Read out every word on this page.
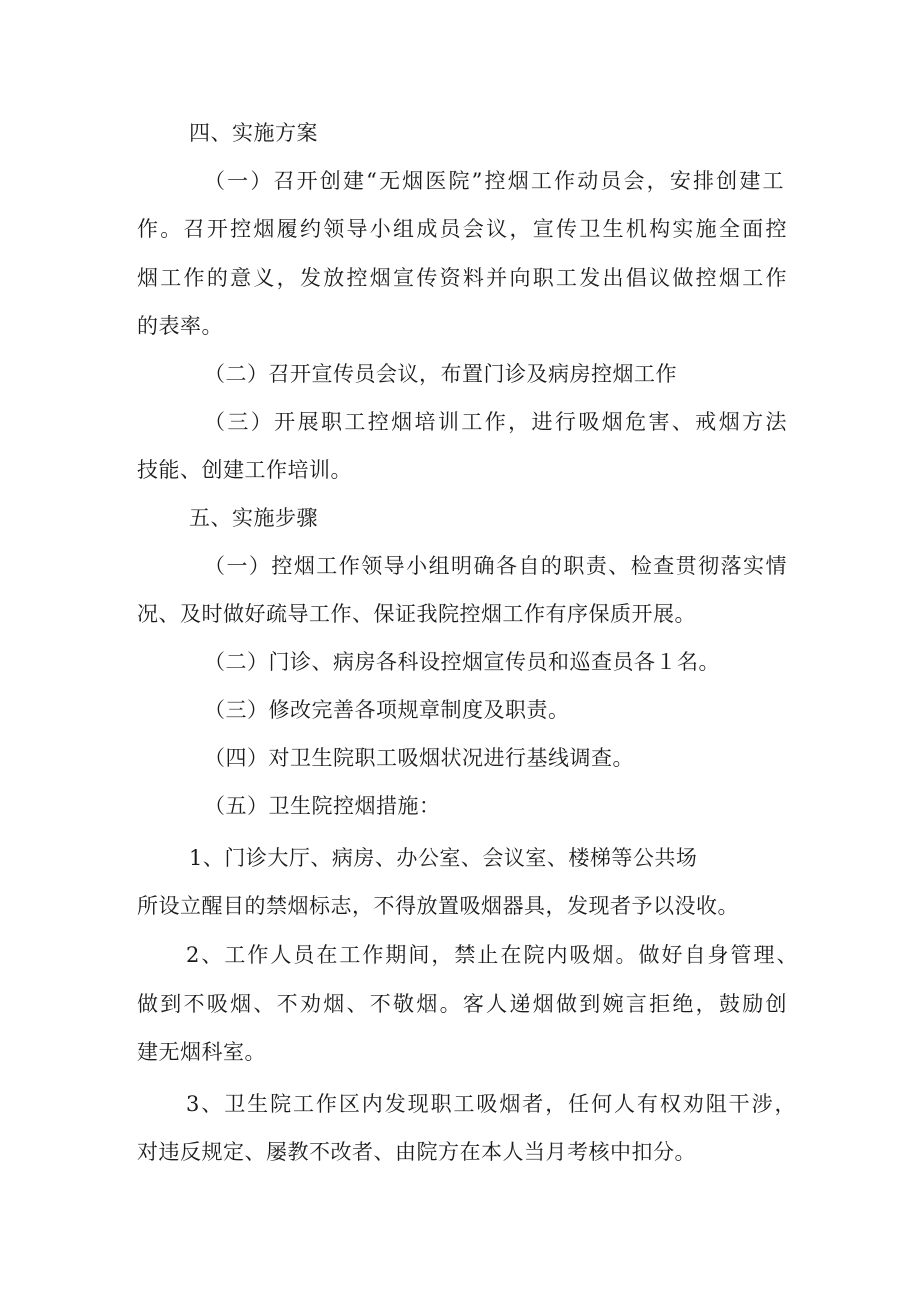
四、实施方案
（一）召开创建“无烟医院”控烟工作动员会，安排创建工
作。召开控烟履约领导小组成员会议，宣传卫生机构实施全面控
烟工作的意义，发放控烟宣传资料并向职工发出倡议做控烟工作
的表率。
（二）召开宣传员会议，布置门诊及病房控烟工作
（三）开展职工控烟培训工作，进行吸烟危害、戒烟方法
技能、创建工作培训。
五、实施步骤
（一）控烟工作领导小组明确各自的职责、检查贯彻落实情
况、及时做好疏导工作、保证我院控烟工作有序保质开展。
（二）门诊、病房各科设控烟宣传员和巡查员各１名。
（三）修改完善各项规章制度及职责。
（四）对卫生院职工吸烟状况进行基线调查。
（五）卫生院控烟措施：
1、门诊大厅、病房、办公室、会议室、楼梯等公共场
所设立醒目的禁烟标志，不得放置吸烟器具，发现者予以没收。
2、工作人员在工作期间，禁止在院内吸烟。做好自身管理、
做到不吸烟、不劝烟、不敬烟。客人递烟做到婉言拒绝，鼓励创
建无烟科室。
3、卫生院工作区内发现职工吸烟者，任何人有权劝阻干涉，
对违反规定、屡教不改者、由院方在本人当月考核中扣分。
